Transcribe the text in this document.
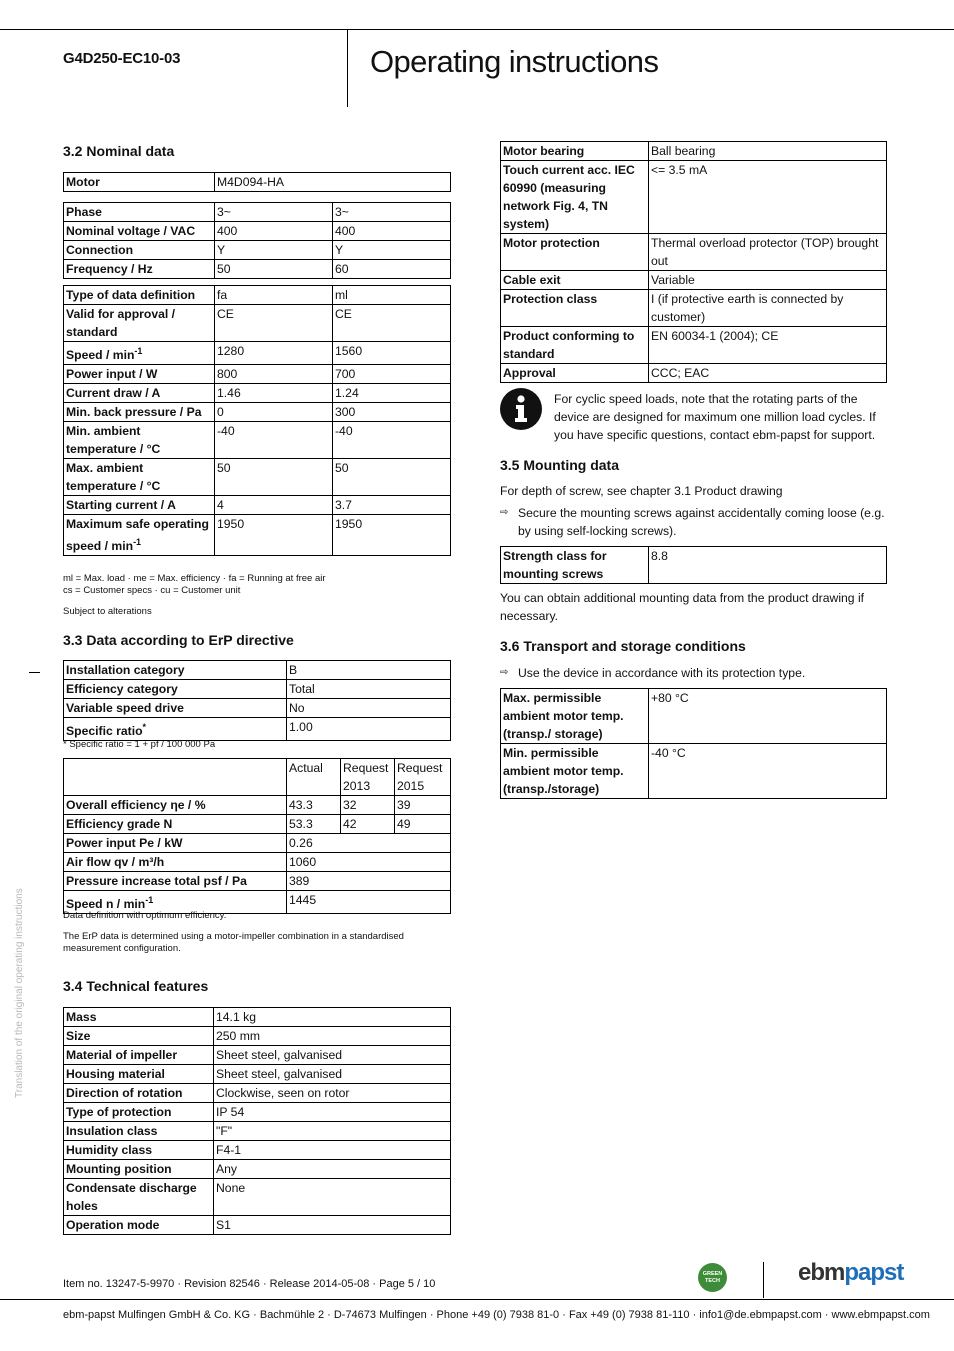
G4D250-EC10-03	Operating instructions
Translation of the original operating instructions
3.2 Nominal data
Motor	M4D094-HA
Phase	3~	3~
Nominal voltage / VAC	400	400
Connection	Y	Y
Frequency / Hz	50	60
Type of data definition	fa	ml
Valid for approval / standard	CE	CE
Speed / $\min^{-1}$	1280	1560
Power input / W	800	700
Current draw / A	1.46	1.24
Min. back pressure / Pa	0	300
Min. ambient temperature / °C	-40	-40
Max. ambient temperature / °C	50	50
Starting current / A	4	3.7
Maximum safe operating speed / $\min^{-1}$	1950	1950
ml = Max. load · me = Max. efficiency · fa = Running at free air
cs = Customer specs · cu = Customer unit
Subject to alterations
3.3 Data according to ErP directive
Installation category	B
Efficiency category	Total
Variable speed drive	No
Specific ratio*	1.00
* Specific ratio = 1 + pf / 100 000 Pa
	Actual	Request 2013	Request 2015
Overall efficiency ηe / %	43.3	32	39
Efficiency grade N	53.3	42	49
Power input Pe / kW	0.26		
Air flow qv / m³/h	1060		
Pressure increase total psf / Pa	389		
Speed n / $\min^{-1}$	1445		
Data definition with optimum efficiency.
The ErP data is determined using a motor-impeller combination in a standardised measurement configuration.
3.4 Technical features
Mass	14.1 kg
Size	250 mm
Material of impeller	Sheet steel, galvanised
Housing material	Sheet steel, galvanised
Direction of rotation	Clockwise, seen on rotor
Type of protection	IP 54
Insulation class	"F"
Humidity class	F4-1
Mounting position	Any
Condensate discharge holes	None
Operation mode	S1
Motor bearing	Ball bearing
Touch current acc. IEC 60990 (measuring network Fig. 4, TN system)	<= 3.5 mA
Motor protection	Thermal overload protector (TOP) brought out
Cable exit	Variable
Protection class	I (if protective earth is connected by customer)
Product conforming to standard	EN 60034-1 (2004); CE
Approval	CCC; EAC
For cyclic speed loads, note that the rotating parts of the device are designed for maximum one million load cycles. If you have specific questions, contact ebm-papst for support.
3.5 Mounting data
For depth of screw, see chapter 3.1 Product drawing
⇨ Secure the mounting screws against accidentally coming loose (e.g. by using self-locking screws).
Strength class for mounting screws	8.8
You can obtain additional mounting data from the product drawing if necessary.
3.6 Transport and storage conditions
⇨ Use the device in accordance with its protection type.
Max. permissible ambient motor temp. (transp./ storage)	+80 °C
Min. permissible ambient motor temp. (transp./storage)	-40 °C
Item no. 13247-5-9970 · Revision 82546 · Release 2014-05-08 · Page 5 / 10
GREEN TECH	ebmpapst
ebm-papst Mulfingen GmbH & Co. KG · Bachmühle 2 · D-74673 Mulfingen · Phone +49 (0) 7938 81-0 · Fax +49 (0) 7938 81-110 · info1@de.ebmpapst.com · www.ebmpapst.com
